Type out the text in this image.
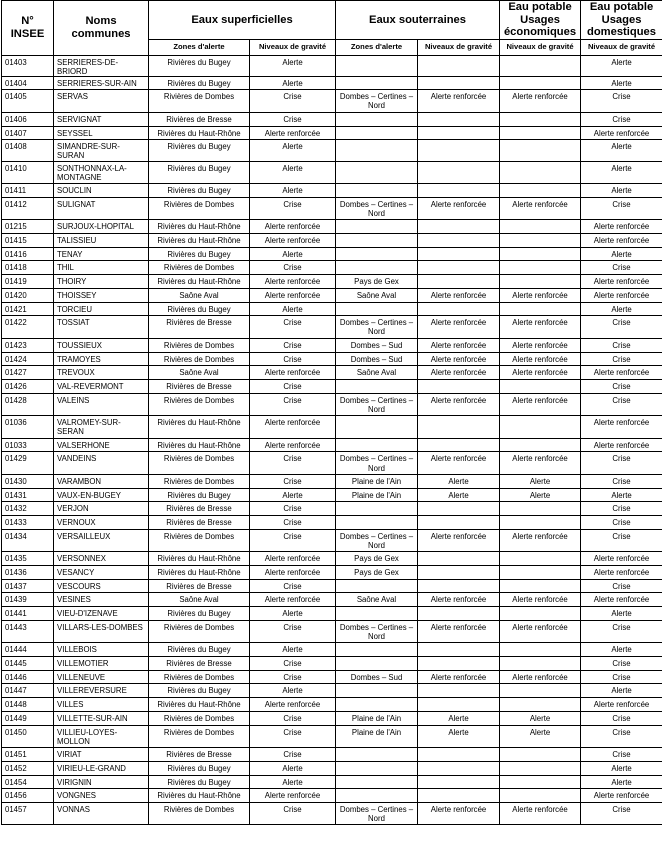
N° INSEE	Noms communes	Eaux superficielles		Eaux souterraines		Eau potable Usages économiques	Eau potable Usages domestiques
		Zones d'alerte	Niveaux de gravité	Zones d'alerte	Niveaux de gravité	Niveaux de gravité	Niveaux de gravité
01403	SERRIERES-DE-BRIORD	Rivières du Bugey	Alerte				Alerte
01404	SERRIERES-SUR-AIN	Rivières du Bugey	Alerte				Alerte
01405	SERVAS	Rivières de Dombes	Crise	Dombes – Certines – Nord	Alerte renforcée	Alerte renforcée	Crise
01406	SERVIGNAT	Rivières de Bresse	Crise				Crise
01407	SEYSSEL	Rivières du Haut-Rhône	Alerte renforcée				Alerte renforcée
01408	SIMANDRE-SUR-SURAN	Rivières du Bugey	Alerte				Alerte
01410	SONTHONNAX-LA-MONTAGNE	Rivières du Bugey	Alerte				Alerte
01411	SOUCLIN	Rivières du Bugey	Alerte				Alerte
01412	SULIGNAT	Rivières de Dombes	Crise	Dombes – Certines – Nord	Alerte renforcée	Alerte renforcée	Crise
01215	SURJOUX-LHOPITAL	Rivières du Haut-Rhône	Alerte renforcée				Alerte renforcée
01415	TALISSIEU	Rivières du Haut-Rhône	Alerte renforcée				Alerte renforcée
01416	TENAY	Rivières du Bugey	Alerte				Alerte
01418	THIL	Rivières de Dombes	Crise				Crise
01419	THOIRY	Rivières du Haut-Rhône	Alerte renforcée	Pays de Gex			Alerte renforcée
01420	THOISSEY	Saône Aval	Alerte renforcée	Saône Aval	Alerte renforcée	Alerte renforcée	Alerte renforcée
01421	TORCIEU	Rivières du Bugey	Alerte				Alerte
01422	TOSSIAT	Rivières de Bresse	Crise	Dombes – Certines – Nord	Alerte renforcée	Alerte renforcée	Crise
01423	TOUSSIEUX	Rivières de Dombes	Crise	Dombes – Sud	Alerte renforcée	Alerte renforcée	Crise
01424	TRAMOYES	Rivières de Dombes	Crise	Dombes – Sud	Alerte renforcée	Alerte renforcée	Crise
01427	TREVOUX	Saône Aval	Alerte renforcée	Saône Aval	Alerte renforcée	Alerte renforcée	Alerte renforcée
01426	VAL-REVERMONT	Rivières de Bresse	Crise				Crise
01428	VALEINS	Rivières de Dombes	Crise	Dombes – Certines – Nord	Alerte renforcée	Alerte renforcée	Crise
01036	VALROMEY-SUR-SERAN	Rivières du Haut-Rhône	Alerte renforcée				Alerte renforcée
01033	VALSERHONE	Rivières du Haut-Rhône	Alerte renforcée				Alerte renforcée
01429	VANDEINS	Rivières de Dombes	Crise	Dombes – Certines – Nord	Alerte renforcée	Alerte renforcée	Crise
01430	VARAMBON	Rivières de Dombes	Crise	Plaine de l'Ain	Alerte	Alerte	Crise
01431	VAUX-EN-BUGEY	Rivières du Bugey	Alerte	Plaine de l'Ain	Alerte	Alerte	Alerte
01432	VERJON	Rivières de Bresse	Crise				Crise
01433	VERNOUX	Rivières de Bresse	Crise				Crise
01434	VERSAILLEUX	Rivières de Dombes	Crise	Dombes – Certines – Nord	Alerte renforcée	Alerte renforcée	Crise
01435	VERSONNEX	Rivières du Haut-Rhône	Alerte renforcée	Pays de Gex			Alerte renforcée
01436	VESANCY	Rivières du Haut-Rhône	Alerte renforcée	Pays de Gex			Alerte renforcée
01437	VESCOURS	Rivières de Bresse	Crise				Crise
01439	VESINES	Saône Aval	Alerte renforcée	Saône Aval	Alerte renforcée	Alerte renforcée	Alerte renforcée
01441	VIEU-D'IZENAVE	Rivières du Bugey	Alerte				Alerte
01443	VILLARS-LES-DOMBES	Rivières de Dombes	Crise	Dombes – Certines – Nord	Alerte renforcée	Alerte renforcée	Crise
01444	VILLEBOIS	Rivières du Bugey	Alerte				Alerte
01445	VILLEMOTIER	Rivières de Bresse	Crise				Crise
01446	VILLENEUVE	Rivières de Dombes	Crise	Dombes – Sud	Alerte renforcée	Alerte renforcée	Crise
01447	VILLEREVERSURE	Rivières du Bugey	Alerte				Alerte
01448	VILLES	Rivières du Haut-Rhône	Alerte renforcée				Alerte renforcée
01449	VILLETTE-SUR-AIN	Rivières de Dombes	Crise	Plaine de l'Ain	Alerte	Alerte	Crise
01450	VILLIEU-LOYES-MOLLON	Rivières de Dombes	Crise	Plaine de l'Ain	Alerte	Alerte	Crise
01451	VIRIAT	Rivières de Bresse	Crise				Crise
01452	VIRIEU-LE-GRAND	Rivières du Bugey	Alerte				Alerte
01454	VIRIGNIN	Rivières du Bugey	Alerte				Alerte
01456	VONGNES	Rivières du Haut-Rhône	Alerte renforcée				Alerte renforcée
01457	VONNAS	Rivières de Dombes	Crise	Dombes – Certines – Nord	Alerte renforcée	Alerte renforcée	Crise
